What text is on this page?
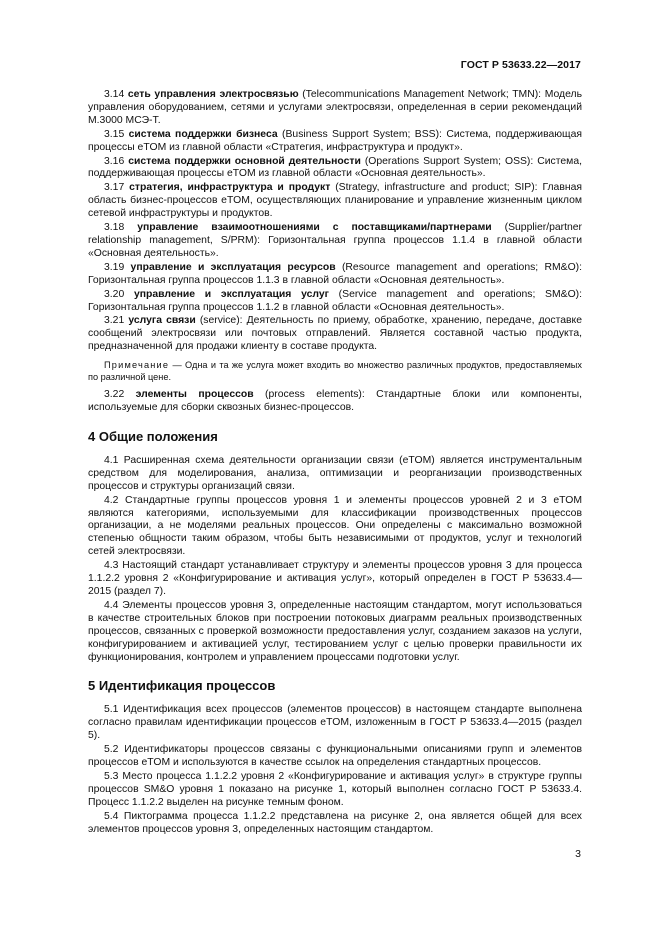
ГОСТ Р 53633.22—2017

3.14 сеть управления электросвязью (Telecommunications Management Network; TMN): Модель управления оборудованием, сетями и услугами электросвязи, определенная в серии рекомендаций М.3000 МСЭ-Т.

3.15 система поддержки бизнеса (Business Support System; BSS): Система, поддерживающая процессы eTOM из главной области «Стратегия, инфраструктура и продукт».

3.16 система поддержки основной деятельности (Operations Support System; OSS): Система, поддерживающая процессы eTOM из главной области «Основная деятельность».

3.17 стратегия, инфраструктура и продукт (Strategy, infrastructure and product; SIP): Главная область бизнес-процессов eTOM, осуществляющих планирование и управление жизненным циклом сетевой инфраструктуры и продуктов.

3.18 управление взаимоотношениями с поставщиками/партнерами (Supplier/partner relationship management, S/PRM): Горизонтальная группа процессов 1.1.4 в главной области «Основная деятельность».

3.19 управление и эксплуатация ресурсов (Resource management and operations; RM&O): Горизонтальная группа процессов 1.1.3 в главной области «Основная деятельность».

3.20 управление и эксплуатация услуг (Service management and operations; SM&O): Горизонтальная группа процессов 1.1.2 в главной области «Основная деятельность».

3.21 услуга связи (service): Деятельность по приему, обработке, хранению, передаче, доставке сообщений электросвязи или почтовых отправлений. Является составной частью продукта, предназначенной для продажи клиенту в составе продукта.

Примечание — Одна и та же услуга может входить во множество различных продуктов, предоставляемых по различной цене.

3.22 элементы процессов (process elements): Стандартные блоки или компоненты, используемые для сборки сквозных бизнес-процессов.

4 Общие положения

4.1 Расширенная схема деятельности организации связи (eTOM) является инструментальным средством для моделирования, анализа, оптимизации и реорганизации производственных процессов и структуры организаций связи.

4.2 Стандартные группы процессов уровня 1 и элементы процессов уровней 2 и 3 eTOM являются категориями, используемыми для классификации производственных процессов организации, а не моделями реальных процессов. Они определены с максимально возможной степенью общности таким образом, чтобы быть независимыми от продуктов, услуг и технологий сетей электросвязи.

4.3 Настоящий стандарт устанавливает структуру и элементы процессов уровня 3 для процесса 1.1.2.2 уровня 2 «Конфигурирование и активация услуг», который определен в ГОСТ Р 53633.4—2015 (раздел 7).

4.4 Элементы процессов уровня 3, определенные настоящим стандартом, могут использоваться в качестве строительных блоков при построении потоковых диаграмм реальных производственных процессов, связанных с проверкой возможности предоставления услуг, созданием заказов на услуги, конфигурированием и активацией услуг, тестированием услуг с целью проверки правильности их функционирования, контролем и управлением процессами подготовки услуг.

5 Идентификация процессов

5.1 Идентификация всех процессов (элементов процессов) в настоящем стандарте выполнена согласно правилам идентификации процессов eTOM, изложенным в ГОСТ Р 53633.4—2015 (раздел 5).

5.2 Идентификаторы процессов связаны с функциональными описаниями групп и элементов процессов eTOM и используются в качестве ссылок на определения стандартных процессов.

5.3 Место процесса 1.1.2.2 уровня 2 «Конфигурирование и активация услуг» в структуре группы процессов SM&O уровня 1 показано на рисунке 1, который выполнен согласно ГОСТ Р 53633.4. Процесс 1.1.2.2 выделен на рисунке темным фоном.

5.4 Пиктограмма процесса 1.1.2.2 представлена на рисунке 2, она является общей для всех элементов процессов уровня 3, определенных настоящим стандартом.

3
